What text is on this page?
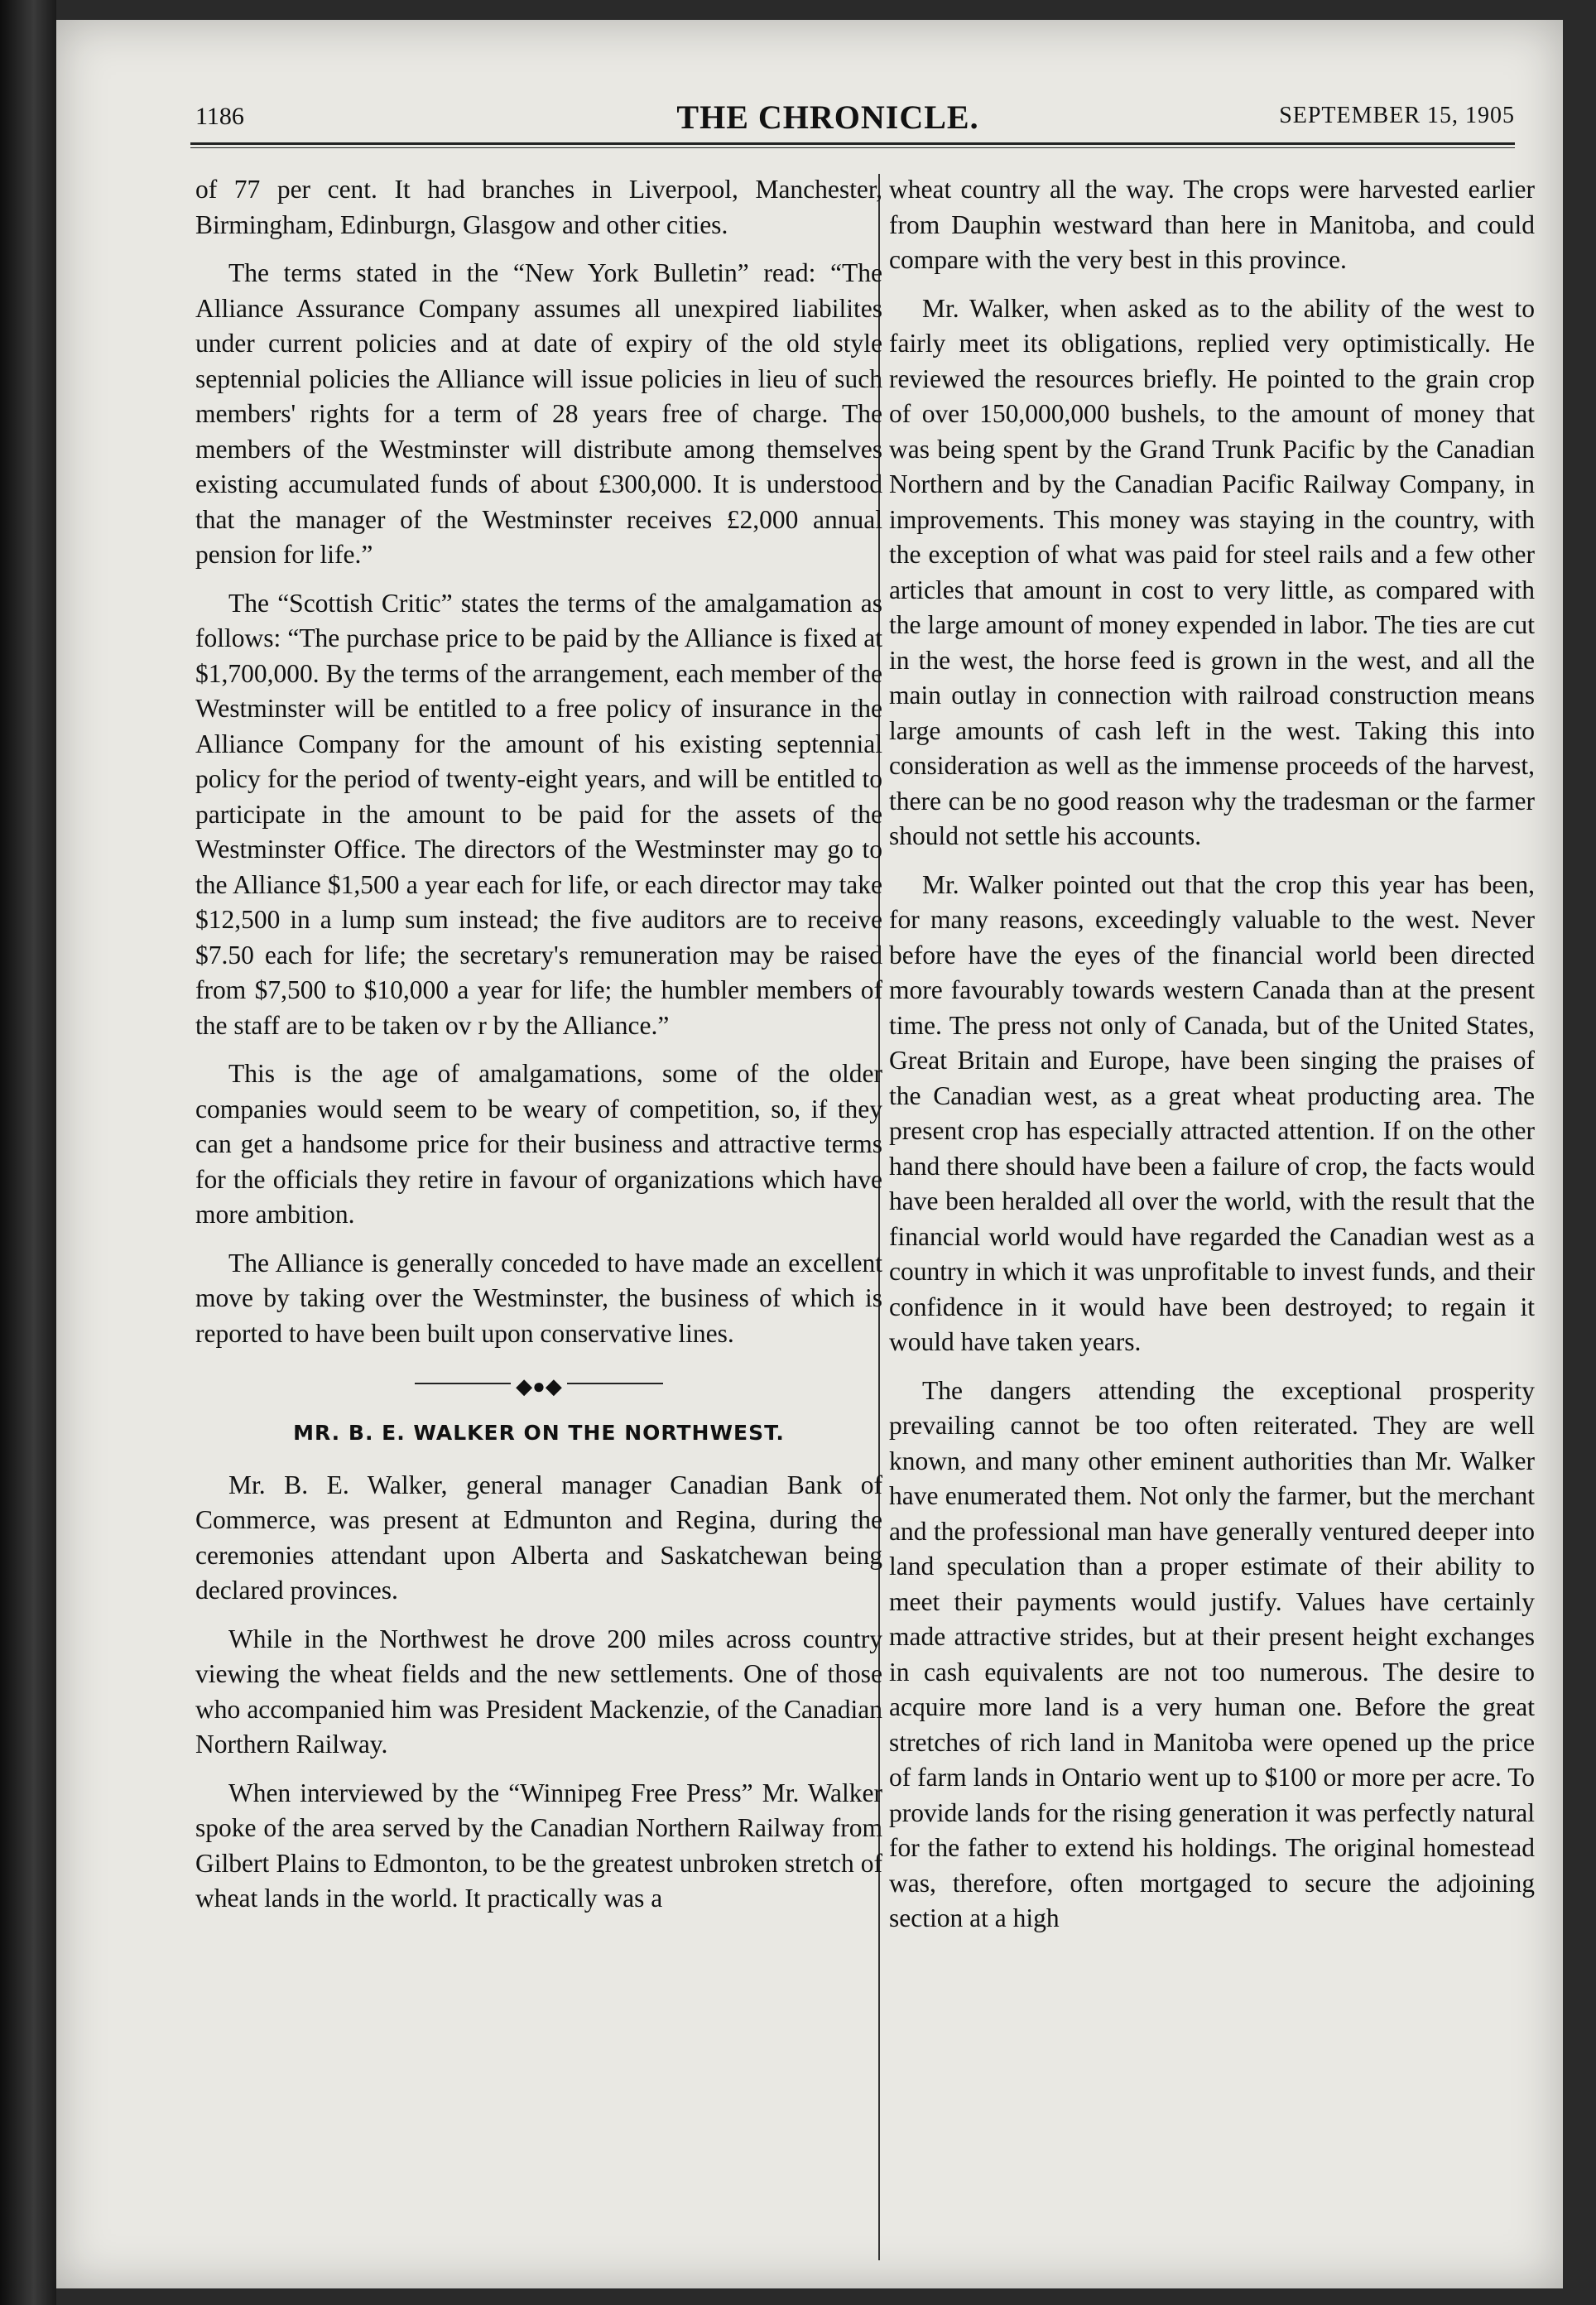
1186	THE CHRONICLE.	SEPTEMBER 15, 1905

of 77 per cent. It had branches in Liverpool, Manchester, Birmingham, Edinburgn, Glasgow and other cities.

The terms stated in the “New York Bulletin” read: “The Alliance Assurance Company assumes all unexpired liabilites under current policies and at date of expiry of the old style septennial policies the Alliance will issue policies in lieu of such members' rights for a term of 28 years free of charge. The members of the Westminster will distribute among themselves existing accumulated funds of about £300,000. It is understood that the manager of the Westminster receives £2,000 annual pension for life.”

The “Scottish Critic” states the terms of the amalgamation as follows: “The purchase price to be paid by the Alliance is fixed at $1,700,000. By the terms of the arrangement, each member of the Westminster will be entitled to a free policy of insurance in the Alliance Company for the amount of his existing septennial policy for the period of twenty-eight years, and will be entitled to participate in the amount to be paid for the assets of the Westminster Office. The directors of the Westminster may go to the Alliance $1,500 a year each for life, or each director may take $12,500 in a lump sum instead; the five auditors are to receive $7.50 each for life; the secretary's remuneration may be raised from $7,500 to $10,000 a year for life; the humbler members of the staff are to be taken ov r by the Alliance.”

This is the age of amalgamations, some of the older companies would seem to be weary of competition, so, if they can get a handsome price for their business and attractive terms for the officials they retire in favour of organizations which have more ambition.

The Alliance is generally conceded to have made an excellent move by taking over the Westminster, the business of which is reported to have been built upon conservative lines.

◆●◆
MR. B. E. WALKER ON THE NORTHWEST.

Mr. B. E. Walker, general manager Canadian Bank of Commerce, was present at Edmunton and Regina, during the ceremonies attendant upon Alberta and Saskatchewan being declared provinces.

While in the Northwest he drove 200 miles across country viewing the wheat fields and the new settlements. One of those who accompanied him was President Mackenzie, of the Canadian Northern Railway.

When interviewed by the “Winnipeg Free Press” Mr. Walker spoke of the area served by the Canadian Northern Railway from Gilbert Plains to Edmonton, to be the greatest unbroken stretch of wheat lands in the world. It practically was a

wheat country all the way. The crops were harvested earlier from Dauphin westward than here in Manitoba, and could compare with the very best in this province.

Mr. Walker, when asked as to the ability of the west to fairly meet its obligations, replied very optimistically. He reviewed the resources briefly. He pointed to the grain crop of over 150,000,000 bushels, to the amount of money that was being spent by the Grand Trunk Pacific by the Canadian Northern and by the Canadian Pacific Railway Company, in improvements. This money was staying in the country, with the exception of what was paid for steel rails and a few other articles that amount in cost to very little, as compared with the large amount of money expended in labor. The ties are cut in the west, the horse feed is grown in the west, and all the main outlay in connection with railroad construction means large amounts of cash left in the west. Taking this into consideration as well as the immense proceeds of the harvest, there can be no good reason why the tradesman or the farmer should not settle his accounts.

Mr. Walker pointed out that the crop this year has been, for many reasons, exceedingly valuable to the west. Never before have the eyes of the financial world been directed more favourably towards western Canada than at the present time. The press not only of Canada, but of the United States, Great Britain and Europe, have been singing the praises of the Canadian west, as a great wheat producting area. The present crop has especially attracted attention. If on the other hand there should have been a failure of crop, the facts would have been heralded all over the world, with the result that the financial world would have regarded the Canadian west as a country in which it was unprofitable to invest funds, and their confidence in it would have been destroyed; to regain it would have taken years.

The dangers attending the exceptional prosperity prevailing cannot be too often reiterated. They are well known, and many other eminent authorities than Mr. Walker have enumerated them. Not only the farmer, but the merchant and the professional man have generally ventured deeper into land speculation than a proper estimate of their ability to meet their payments would justify. Values have certainly made attractive strides, but at their present height exchanges in cash equivalents are not too numerous. The desire to acquire more land is a very human one. Before the great stretches of rich land in Manitoba were opened up the price of farm lands in Ontario went up to $100 or more per acre. To provide lands for the rising generation it was perfectly natural for the father to extend his holdings. The original homestead was, therefore, often mortgaged to secure the adjoining section at a high
